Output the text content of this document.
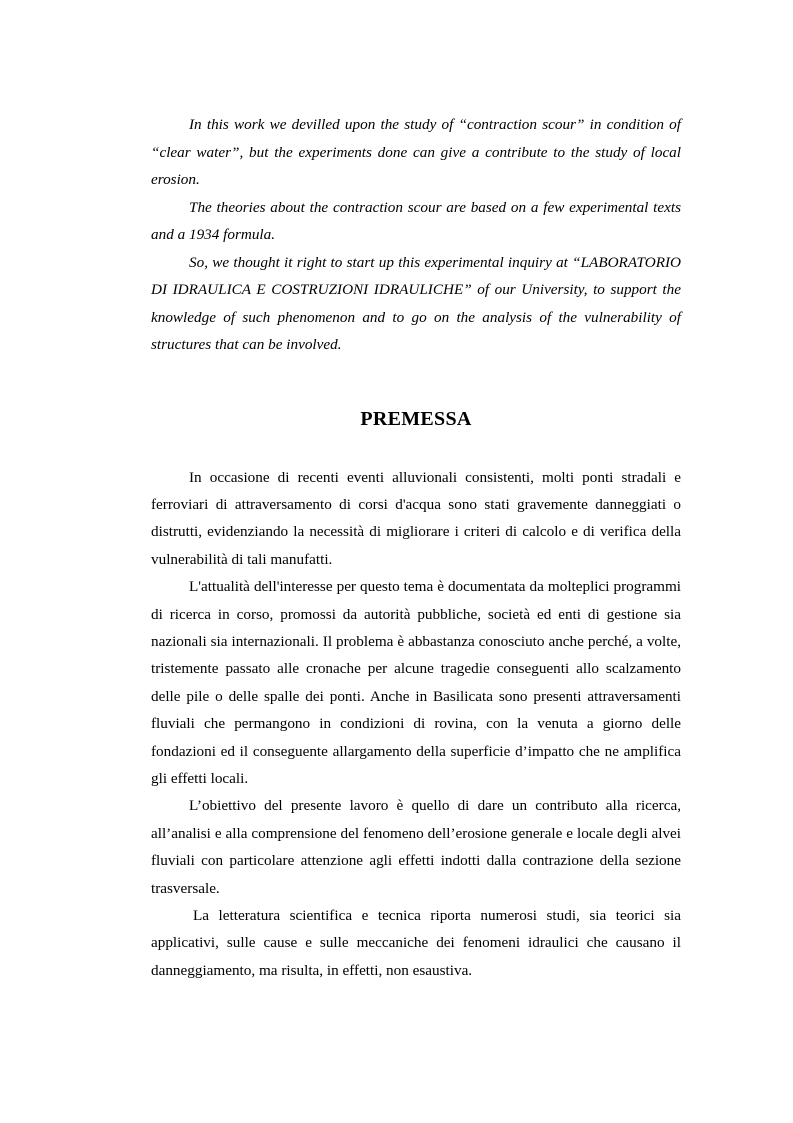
In this work we devilled upon the study of “contraction scour” in condition of “clear water”, but the experiments done can give a contribute to the study of local erosion.

The theories about the contraction scour are based on a few experimental texts and a 1934 formula.

So, we thought it right to start up this experimental inquiry at “LABORATORIO DI IDRAULICA E COSTRUZIONI IDRAULICHE” of our University, to support the knowledge of such phenomenon and to go on the analysis of the vulnerability of structures that can be involved.

PREMESSA

In occasione di recenti eventi alluvionali consistenti, molti ponti stradali e ferroviari di attraversamento di corsi d'acqua sono stati gravemente danneggiati o distrutti, evidenziando la necessità di migliorare i criteri di calcolo e di verifica della vulnerabilità di tali manufatti.

L'attualità dell'interesse per questo tema è documentata da molteplici programmi di ricerca in corso, promossi da autorità pubbliche, società ed enti di gestione sia nazionali sia internazionali. Il problema è abbastanza conosciuto anche perché, a volte, tristemente passato alle cronache per alcune tragedie conseguenti allo scalzamento delle pile o delle spalle dei ponti. Anche in Basilicata sono presenti attraversamenti fluviali che permangono in condizioni di rovina, con la venuta a giorno delle fondazioni ed il conseguente allargamento della superficie d’impatto che ne amplifica gli effetti locali.

L’obiettivo del presente lavoro è quello di dare un contributo alla ricerca, all’analisi e alla comprensione del fenomeno dell’erosione generale e locale degli alvei fluviali con particolare attenzione agli effetti indotti dalla contrazione della sezione trasversale.

La letteratura scientifica e tecnica riporta numerosi studi, sia teorici sia applicativi, sulle cause e sulle meccaniche dei fenomeni idraulici che causano il danneggiamento, ma risulta, in effetti, non esaustiva.
